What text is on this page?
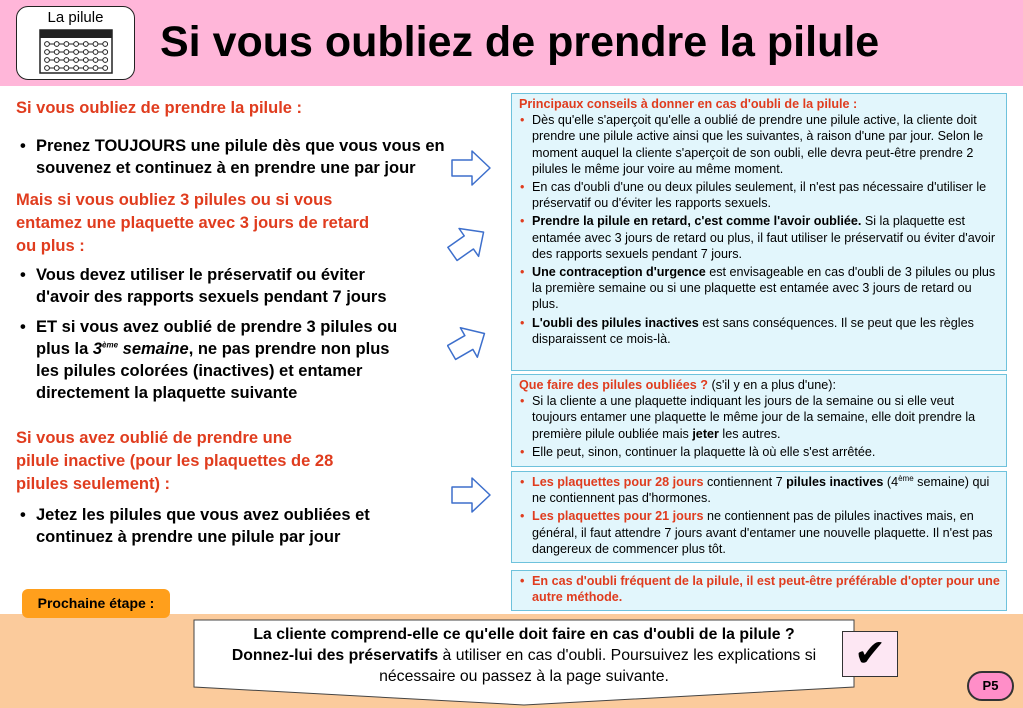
La pilule
Si vous oubliez de prendre la pilule
Si vous oubliez de prendre la pilule :
• Prenez TOUJOURS une pilule dès que vous vous en souvenez et continuez à en prendre une par jour
Mais si vous oubliez 3 pilules ou si vous entamez une plaquette avec 3 jours de retard ou plus :
• Vous devez utiliser le préservatif ou éviter d'avoir des rapports sexuels pendant 7 jours
• ET si vous avez oublié de prendre 3 pilules ou plus la 3ème semaine, ne pas prendre non plus les pilules colorées (inactives) et entamer directement la plaquette suivante
Si vous avez oublié de prendre une pilule inactive (pour les plaquettes de 28 pilules seulement) :
• Jetez les pilules que vous avez oubliées et continuez à prendre une pilule par jour
Principaux conseils à donner en cas d'oubli de la pilule :
• Dès qu'elle s'aperçoit qu'elle a oublié de prendre une pilule active, la cliente doit prendre une pilule active ainsi que les suivantes, à raison d'une par jour. Selon le moment auquel la cliente s'aperçoit de son oubli, elle devra peut-être prendre 2 pilules le même jour voire au même moment.
• En cas d'oubli d'une ou deux pilules seulement, il n'est pas nécessaire d'utiliser le préservatif ou d'éviter les rapports sexuels.
• Prendre la pilule en retard, c'est comme l'avoir oubliée. Si la plaquette est entamée avec 3 jours de retard ou plus, il faut utiliser le préservatif ou éviter d'avoir des rapports sexuels pendant 7 jours.
• Une contraception d'urgence est envisageable en cas d'oubli de 3 pilules ou plus la première semaine ou si une plaquette est entamée avec 3 jours de retard ou plus.
• L'oubli des pilules inactives est sans conséquences. Il se peut que les règles disparaissent ce mois-là.
Que faire des pilules oubliées ? (s'il y en a plus d'une):
• Si la cliente a une plaquette indiquant les jours de la semaine ou si elle veut toujours entamer une plaquette le même jour de la semaine, elle doit prendre la première pilule oubliée mais jeter les autres.
• Elle peut, sinon, continuer la plaquette là où elle s'est arrêtée.
• Les plaquettes pour 28 jours contiennent 7 pilules inactives (4ème semaine) qui ne contiennent pas d'hormones.
• Les plaquettes pour 21 jours ne contiennent pas de pilules inactives mais, en général, il faut attendre 7 jours avant d'entamer une nouvelle plaquette. Il n'est pas dangereux de commencer plus tôt.
• En cas d'oubli fréquent de la pilule, il est peut-être préférable d'opter pour une autre méthode.
Prochaine étape :
La cliente comprend-elle ce qu'elle doit faire en cas d'oubli de la pilule ?
Donnez-lui des préservatifs à utiliser en cas d'oubli. Poursuivez les explications si nécessaire ou passez à la page suivante.
✔
P5
